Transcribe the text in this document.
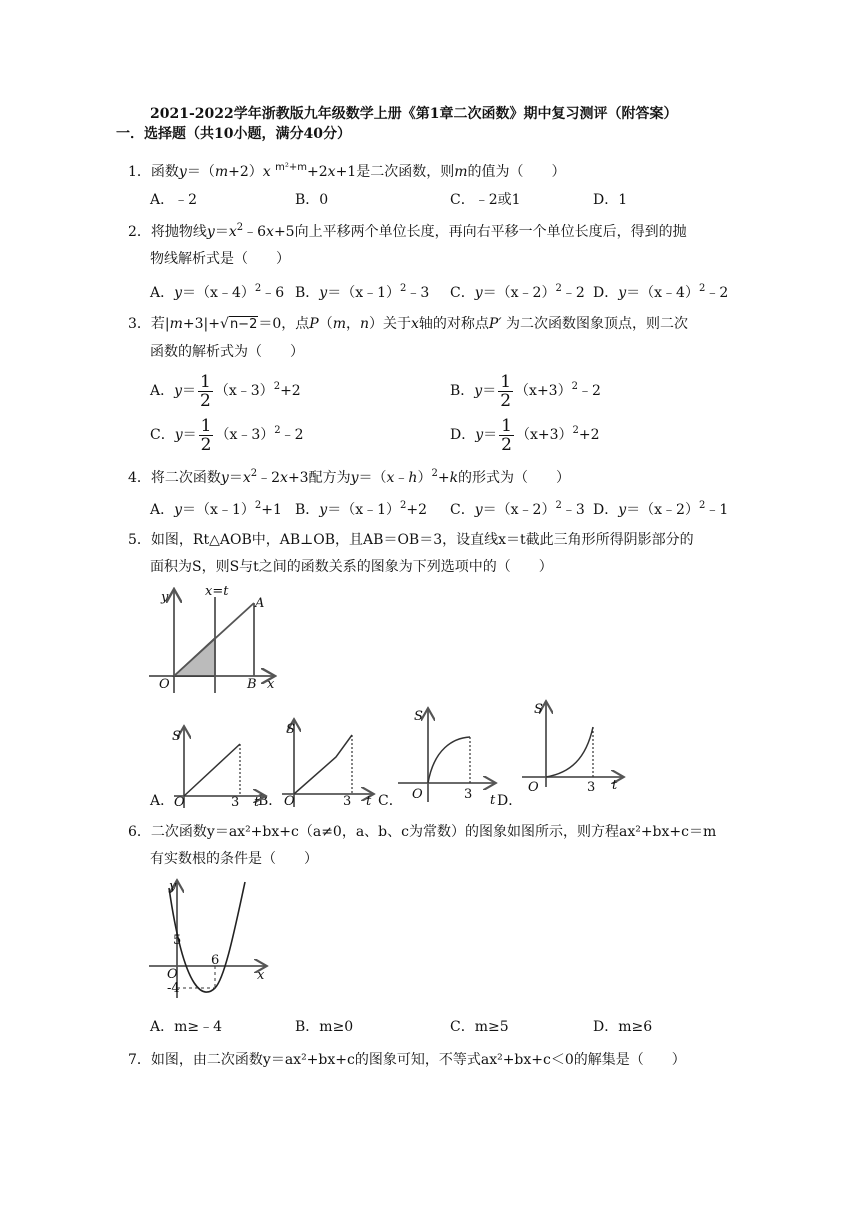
2021-2022学年浙教版九年级数学上册《第1章二次函数》期中复习测评（附答案）
一．选择题（共10小题，满分40分）
1．函数y＝（m+2）x $^{m^2+m}$+2x+1是二次函数，则m的值为（　　）
A．﹣2	B．0	C．﹣2或1	D．1
2．将抛物线$y=x^2﹣6x+5$向上平移两个单位长度，再向右平移一个单位长度后，得到的抛
物线解析式是（　　）
A．y＝（x﹣4）$^2$﹣6 B．y＝（x﹣1）$^2$﹣3 C．y＝（x﹣2）$^2$﹣2 D．y＝（x﹣4）$^2$﹣2
3．若|m+3|+√n−2＝0，点P（m，n）关于x轴的对称点P′ 为二次函数图象顶点，则二次
函数的解析式为（　　）
A．$y= \frac{1}{2}$ （x﹣3）$^2$+2	B．$y= \frac{1}{2}$ $(x+3)^2﹣2$
C．$y= \frac{1}{2}$ （x﹣3）$^2$﹣2	D．$y= \frac{1}{2} (x+3)^2+2$
4．将二次函数$y=x^2﹣2x+3$配方为y＝（x﹣h）$^2$+k的形式为（　　）
A．y＝（x﹣1）$^2$+1 B．y＝（x﹣1）$^2$+2 C．y＝（x﹣2）$^2$﹣3 D．y＝（x﹣2）$^2$﹣1
5．如图，Rt△AOB中，AB⊥OB，且AB＝OB＝3，设直线x＝t截此三角形所得阴影部分的
面积为S，则S与t之间的函数关系的图象为下列选项中的（　　）
y	x=t
A
O	B x
A．	B．	C．	D．
S
O	3 t
S
O	3 t
S
O	3 t
S
O	3 t
6．二次函数y＝ax²+bx+c（a≠0，a、b、c为常数）的图象如图所示，则方程ax²+bx+c＝m
有实数根的条件是（　　）
y
5
6
O
-4
x
A．m≥﹣4	B．m≥0	C．m≥5	D．m≥6
7．如图，由二次函数y＝ax²+bx+c的图象可知，不等式ax²+bx+c＜0的解集是（　　）
